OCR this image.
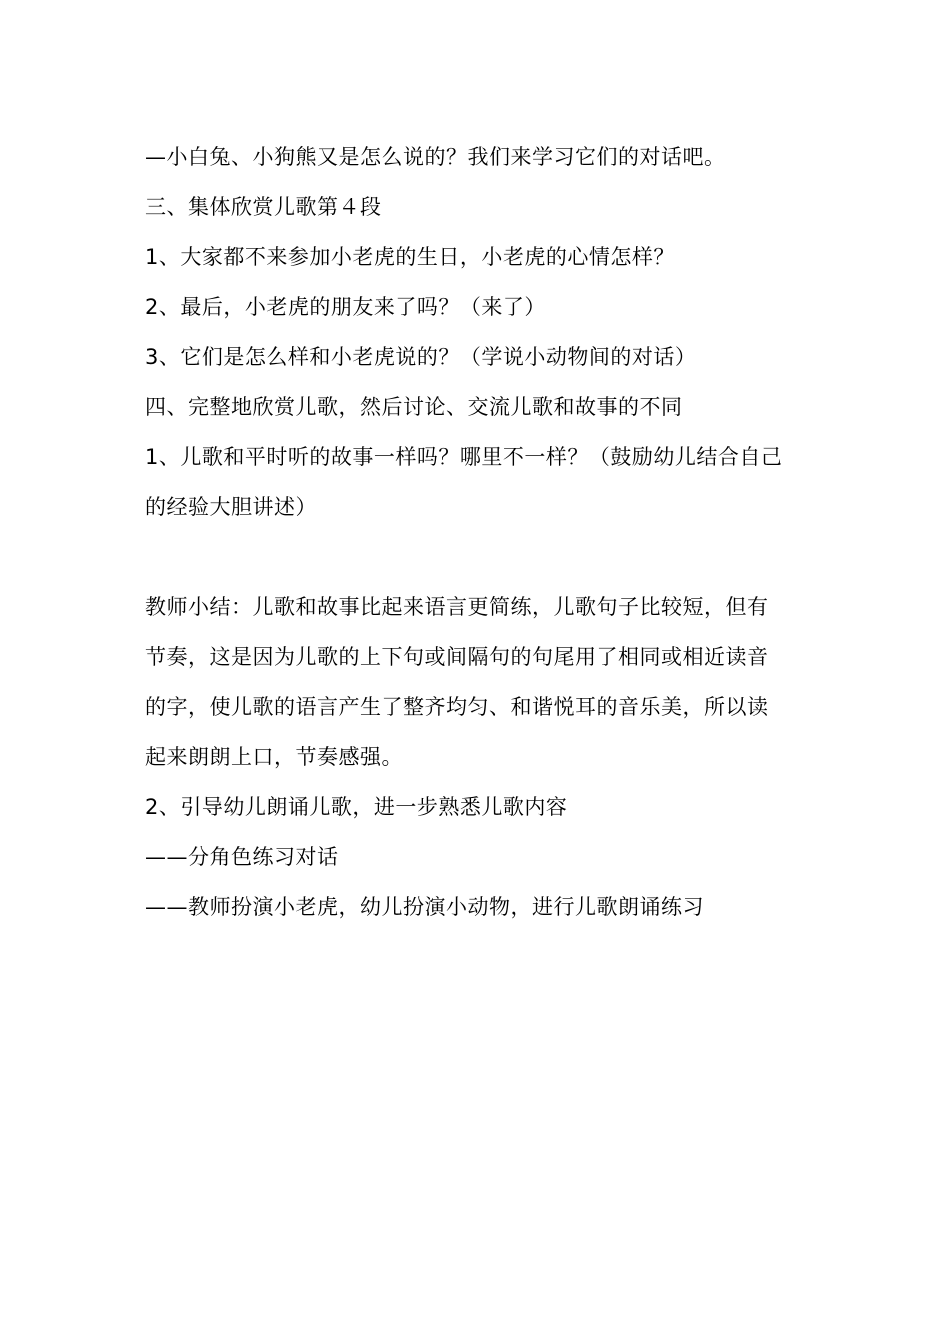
—小白兔、小狗熊又是怎么说的？我们来学习它们的对话吧。
三、集体欣赏儿歌第４段
1、大家都不来参加小老虎的生日，小老虎的心情怎样？
2、最后，小老虎的朋友来了吗？（来了）
3、它们是怎么样和小老虎说的？（学说小动物间的对话）
四、完整地欣赏儿歌，然后讨论、交流儿歌和故事的不同
1、儿歌和平时听的故事一样吗？哪里不一样？（鼓励幼儿结合自己
的经验大胆讲述）
教师小结：儿歌和故事比起来语言更简练，儿歌句子比较短，但有
节奏，这是因为儿歌的上下句或间隔句的句尾用了相同或相近读音
的字，使儿歌的语言产生了整齐均匀、和谐悦耳的音乐美，所以读
起来朗朗上口，节奏感强。
2、引导幼儿朗诵儿歌，进一步熟悉儿歌内容
——分角色练习对话
——教师扮演小老虎，幼儿扮演小动物，进行儿歌朗诵练习
